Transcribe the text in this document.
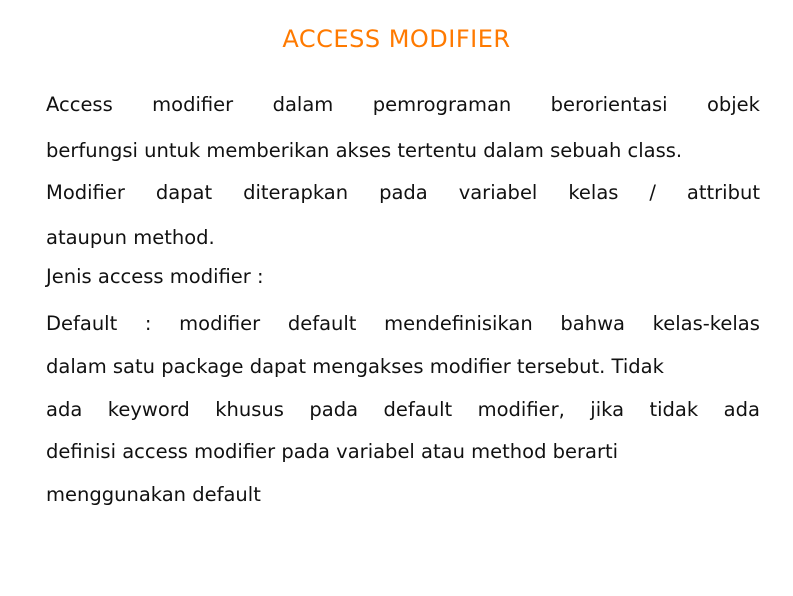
ACCESS MODIFIER
Access modifier dalam pemrograman berorientasi objek
berfungsi untuk memberikan akses tertentu dalam sebuah class.
Modifier dapat diterapkan pada variabel kelas / attribut
ataupun method.
Jenis access modifier :
Default : modifier default mendefinisikan bahwa kelas-kelas
dalam satu package dapat mengakses modifier tersebut. Tidak
ada keyword khusus pada default modifier, jika tidak ada
definisi access modifier pada variabel atau method berarti
menggunakan default
